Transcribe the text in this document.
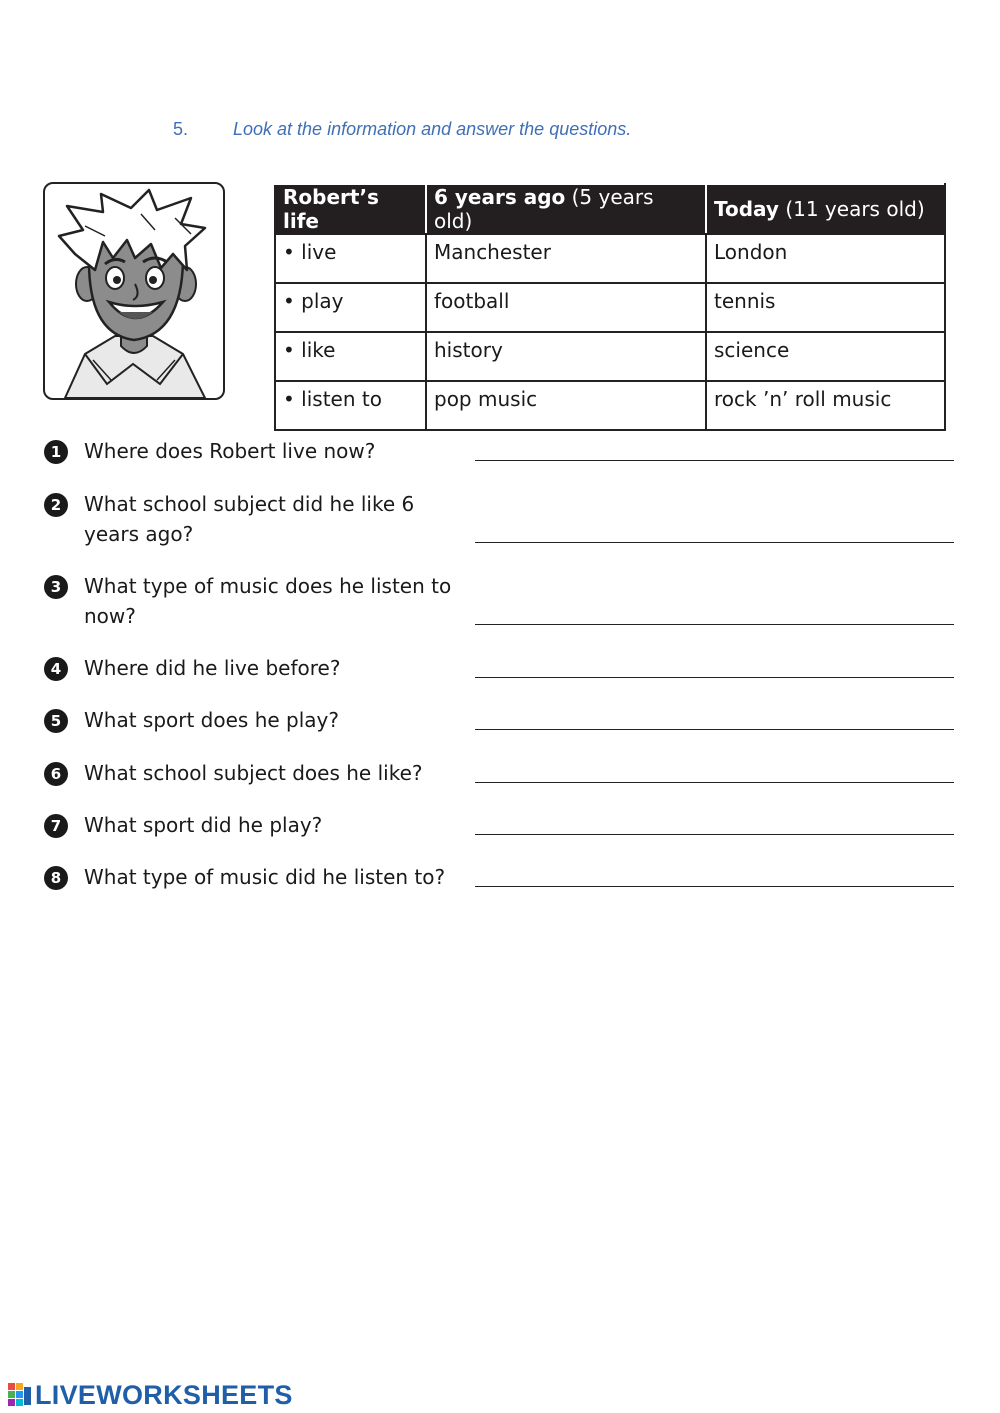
5. Look at the information and answer the questions.
Robert’s life	6 years ago (5 years old)	Today (11 years old)
• live	Manchester	London
• play	football	tennis
• like	history	science
• listen to	pop music	rock ’n’ roll music
1	Where does Robert live now?
2	What school subject did he like 6 years ago?
3	What type of music does he listen to now?
4	Where did he live before?
5	What sport does he play?
6	What school subject does he like?
7	What sport did he play?
8	What type of music did he listen to?
LIVEWORKSHEETS
